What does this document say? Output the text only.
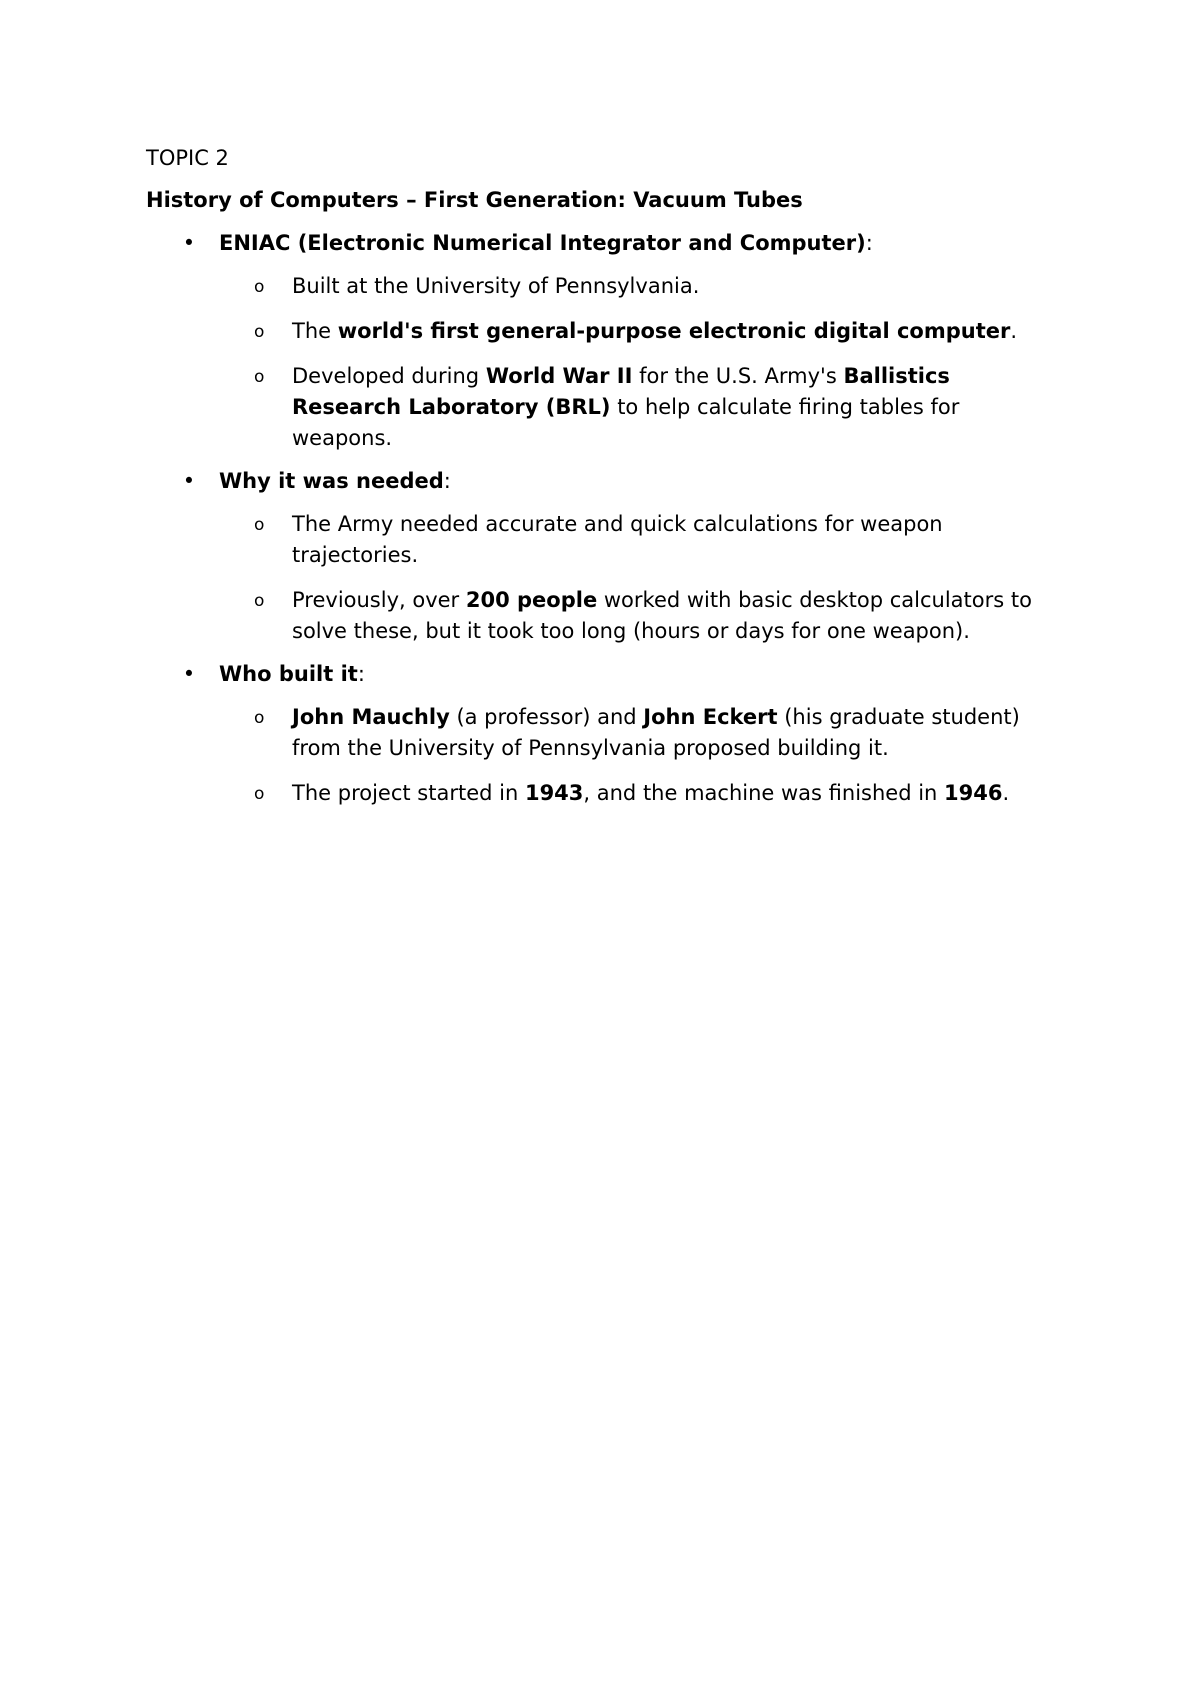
TOPIC 2
History of Computers – First Generation: Vacuum Tubes
• ENIAC (Electronic Numerical Integrator and Computer):
o Built at the University of Pennsylvania.
o The world's first general-purpose electronic digital computer.
o Developed during World War II for the U.S. Army's Ballistics Research Laboratory (BRL) to help calculate firing tables for weapons.
• Why it was needed:
o The Army needed accurate and quick calculations for weapon trajectories.
o Previously, over 200 people worked with basic desktop calculators to solve these, but it took too long (hours or days for one weapon).
• Who built it:
o John Mauchly (a professor) and John Eckert (his graduate student) from the University of Pennsylvania proposed building it.
o The project started in 1943, and the machine was finished in 1946.
